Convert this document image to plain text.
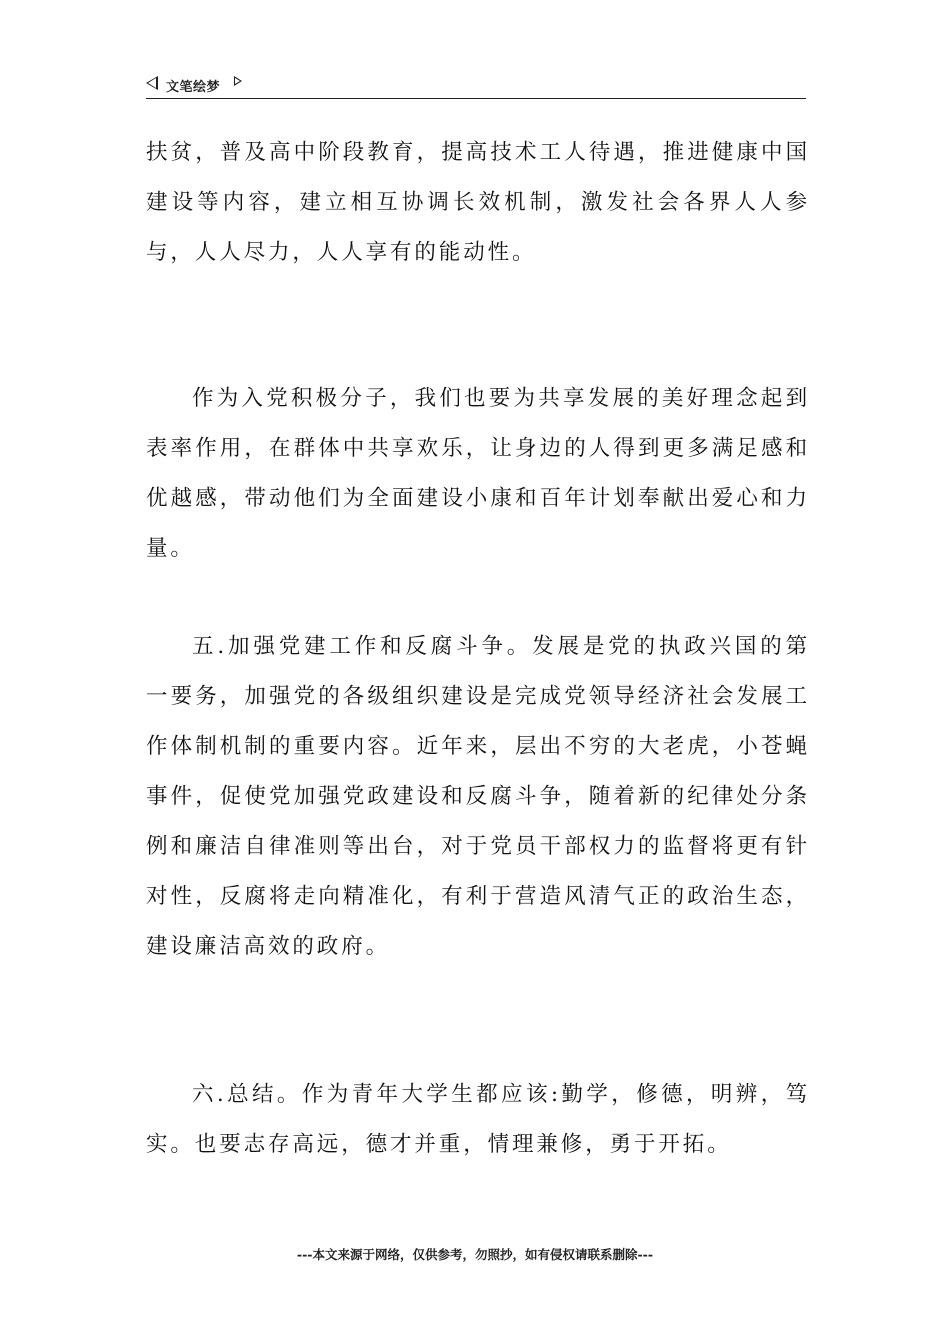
文笔绘梦

扶贫，普及高中阶段教育，提高技术工人待遇，推进健康中国建设等内容，建立相互协调长效机制，激发社会各界人人参与，人人尽力，人人享有的能动性。

作为入党积极分子，我们也要为共享发展的美好理念起到表率作用，在群体中共享欢乐，让身边的人得到更多满足感和优越感，带动他们为全面建设小康和百年计划奉献出爱心和力量。

五.加强党建工作和反腐斗争。发展是党的执政兴国的第一要务，加强党的各级组织建设是完成党领导经济社会发展工作体制机制的重要内容。近年来，层出不穷的大老虎，小苍蝇事件，促使党加强党政建设和反腐斗争，随着新的纪律处分条例和廉洁自律准则等出台，对于党员干部权力的监督将更有针对性，反腐将走向精准化，有利于营造风清气正的政治生态，建设廉洁高效的政府。

六.总结。作为青年大学生都应该:勤学，修德，明辨，笃实。也要志存高远，德才并重，情理兼修，勇于开拓。

---本文来源于网络，仅供参考，勿照抄，如有侵权请联系删除---
